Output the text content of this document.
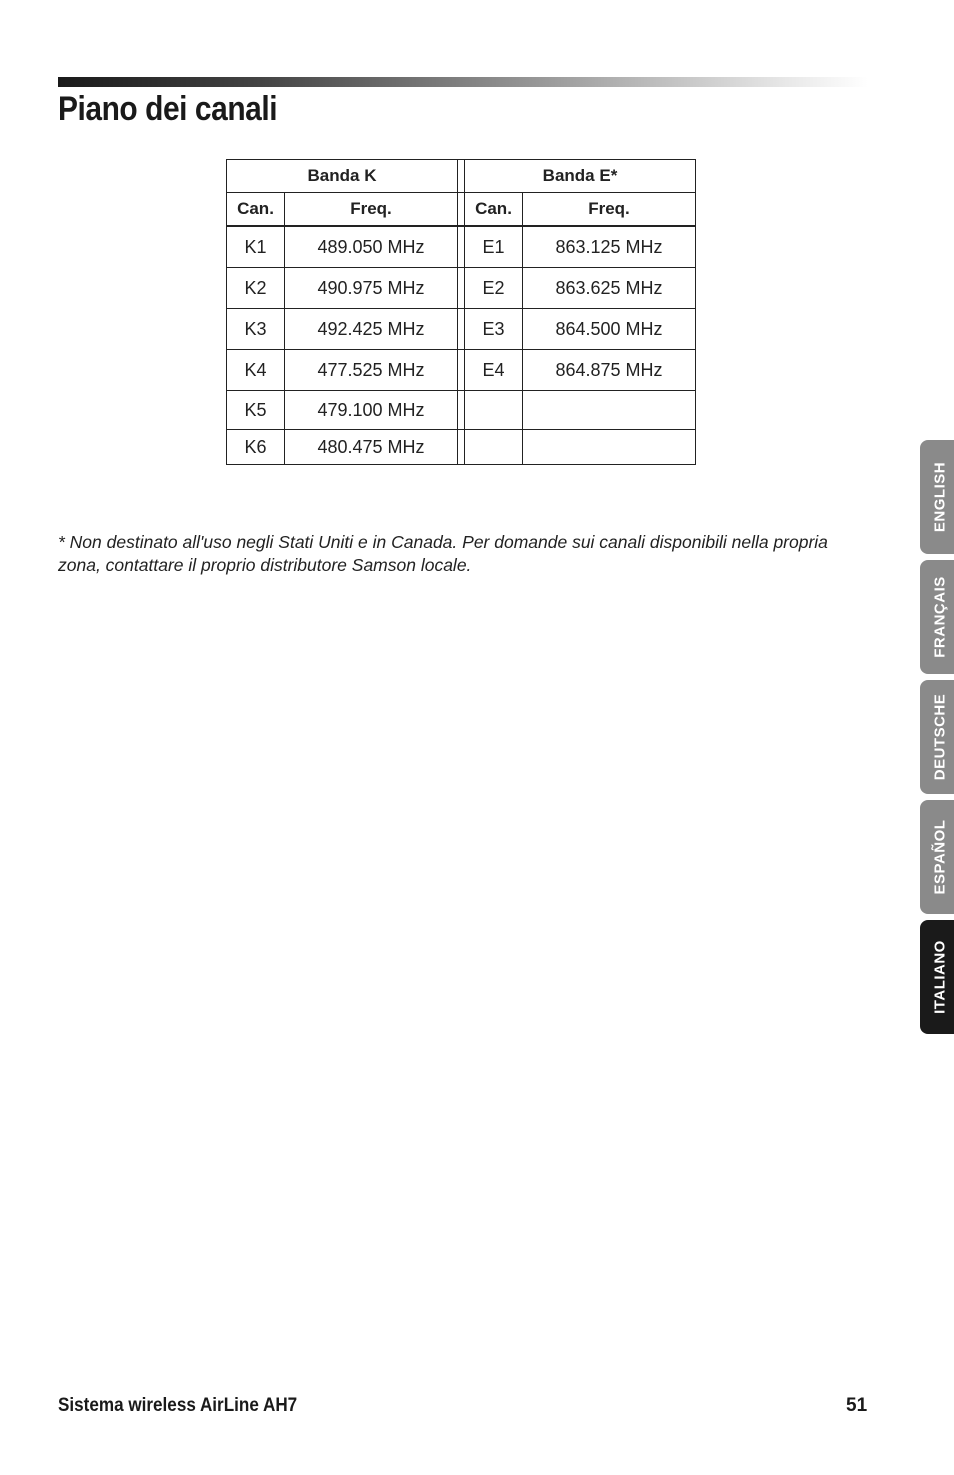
Piano dei canali
Banda K			Banda E*	
Can.	Freq.		Can.	Freq.
K1	489.050 MHz		E1	863.125 MHz
K2	490.975 MHz		E2	863.625 MHz
K3	492.425 MHz		E3	864.500 MHz
K4	477.525 MHz		E4	864.875 MHz
K5	479.100 MHz			
K6	480.475 MHz			
* Non destinato all'uso negli Stati Uniti e in Canada. Per domande sui canali disponibili nella propria zona, contattare il proprio distributore Samson locale.
ENGLISH
FRANÇAIS
DEUTSCHE
ESPAÑOL
ITALIANO
Sistema wireless AirLine AH7	51
